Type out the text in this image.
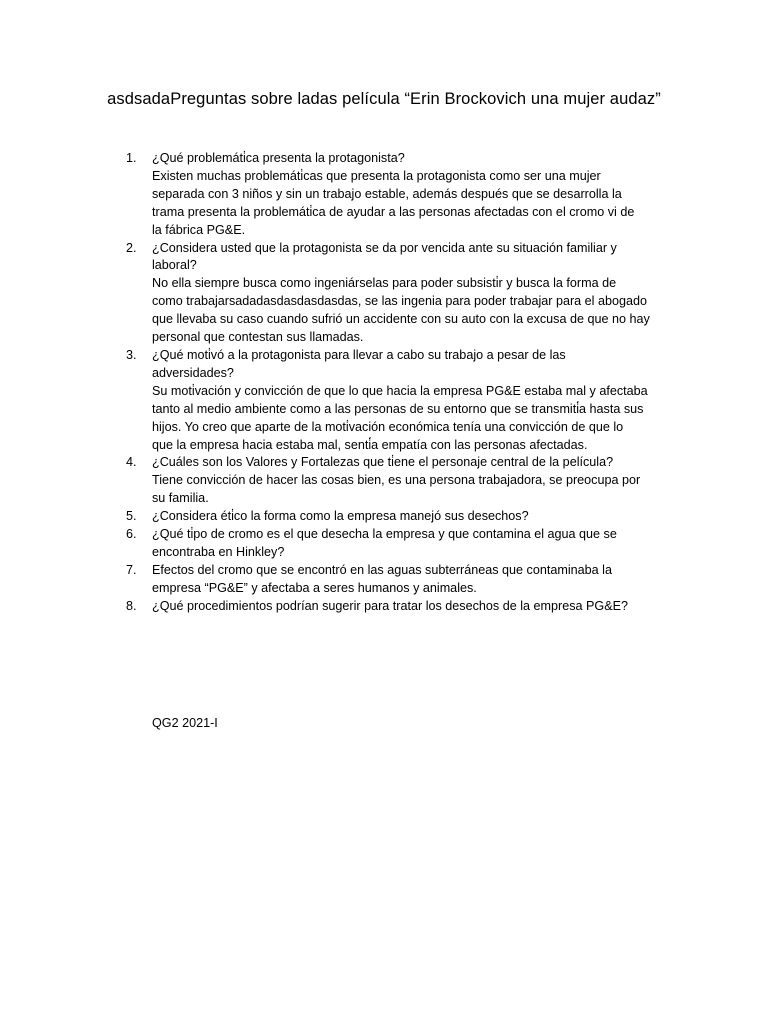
asdsadaPreguntas sobre ladas película “Erin Brockovich una mujer audaz”
1.	¿Qué problemáti̇ca presenta la protagonista?
Existen muchas problemáti̇cas que presenta la protagonista como ser una mujer
separada con 3 niños y sin un trabajo estable, además después que se desarrolla la
trama presenta la problemáti̇ca de ayudar a las personas afectadas con el cromo vi de
la fábrica PG&E.
2.	¿Considera usted que la protagonista se da por vencida ante su situación familiar y
laboral?
No ella siempre busca como ingeniárselas para poder subsisti̇r y busca la forma de
como trabajarsadadasdasdasdasdas, se las ingenia para poder trabajar para el abogado
que llevaba su caso cuando sufrió un accidente con su auto con la excusa de que no hay
personal que contestan sus llamadas.
3.	¿Qué moti̇vó a la protagonista para llevar a cabo su trabajo a pesar de las
adversidades?
Su moti̇vación y convicción de que lo que hacia la empresa PG&E estaba mal y afectaba
tanto al medio ambiente como a las personas de su entorno que se transmiti̇́a hasta sus
hijos. Yo creo que aparte de la moti̇vación económica tenía una convicción de que lo
que la empresa hacia estaba mal, senti̇́a empatía con las personas afectadas.
4.	¿Cuáles son los Valores y Fortalezas que ti̇ene el personaje central de la película?
Tiene convicción de hacer las cosas bien, es una persona trabajadora, se preocupa por
su familia.
5.	¿Considera éti̇co la forma como la empresa manejó sus desechos?
6.	¿Qué ti̇po de cromo es el que desecha la empresa y que contamina el agua que se
encontraba en Hinkley?
7.	Efectos del cromo que se encontró en las aguas subterráneas que contaminaba la
empresa “PG&E” y afectaba a seres humanos y animales.
8.	¿Qué procedimientos podrían sugerir para tratar los desechos de la empresa PG&E?
QG2 2021-I
